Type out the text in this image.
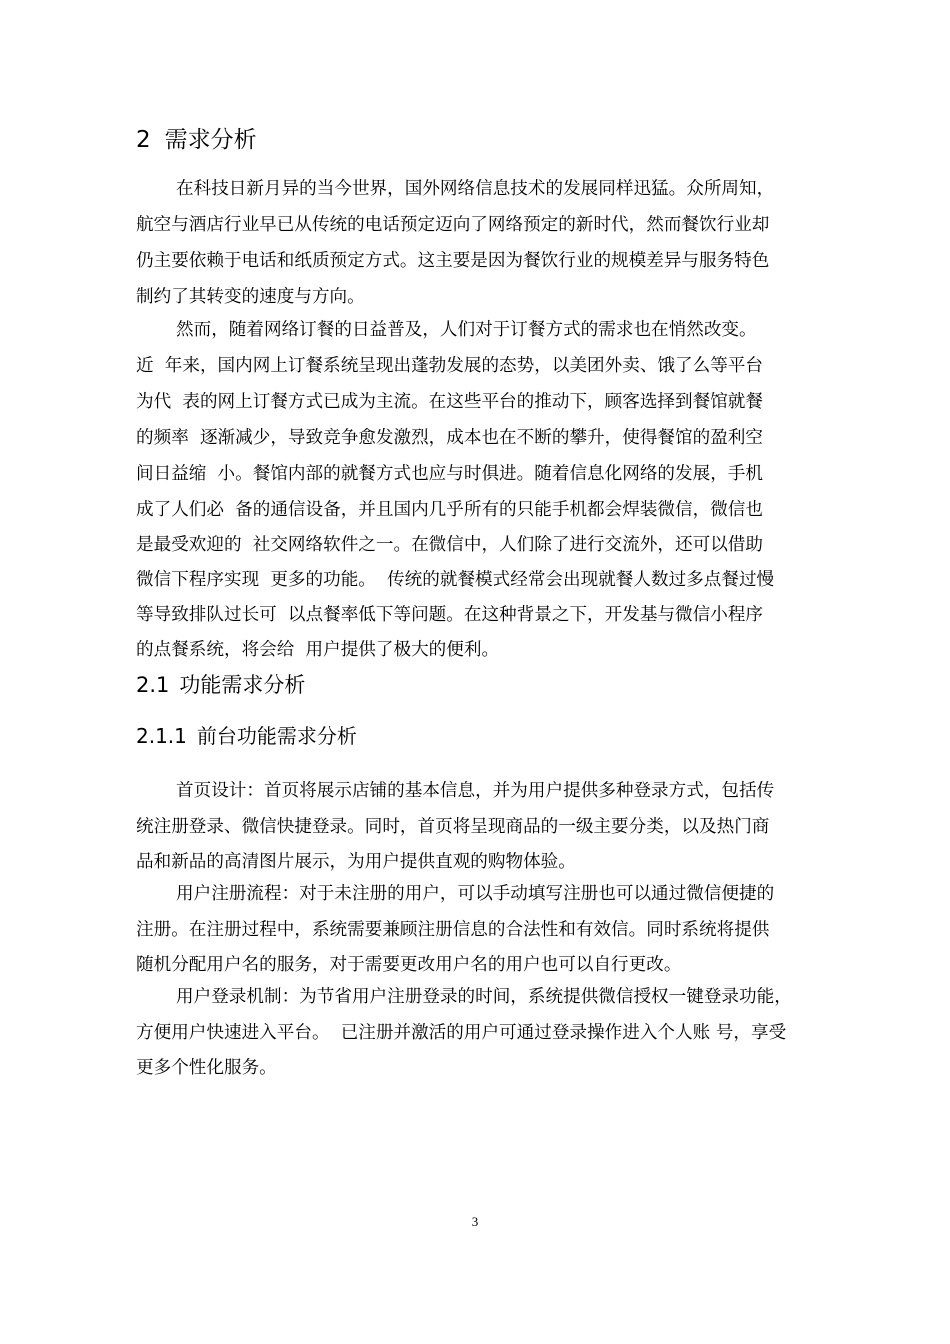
2 需求分析
在科技日新月异的当今世界，国外网络信息技术的发展同样迅猛。众所周知，
航空与酒店行业早已从传统的电话预定迈向了网络预定的新时代，然而餐饮行业却
仍主要依赖于电话和纸质预定方式。这主要是因为餐饮行业的规模差异与服务特色
制约了其转变的速度与方向。
然而，随着网络订餐的日益普及，人们对于订餐方式的需求也在悄然改变。
近  年来，国内网上订餐系统呈现出蓬勃发展的态势，以美团外卖、饿了么等平台
为代  表的网上订餐方式已成为主流。在这些平台的推动下，顾客选择到餐馆就餐
的频率  逐渐减少，导致竞争愈发激烈，成本也在不断的攀升，使得餐馆的盈利空
间日益缩  小。餐馆内部的就餐方式也应与时俱进。随着信息化网络的发展，手机
成了人们必  备的通信设备，并且国内几乎所有的只能手机都会焊装微信，微信也
是最受欢迎的  社交网络软件之一。在微信中，人们除了进行交流外，还可以借助
微信下程序实现  更多的功能。  传统的就餐模式经常会出现就餐人数过多点餐过慢
等导致排队过长可  以点餐率低下等问题。在这种背景之下，开发基与微信小程序
的点餐系统，将会给  用户提供了极大的便利。
2.1 功能需求分析
2.1.1 前台功能需求分析
首页设计：首页将展示店铺的基本信息，并为用户提供多种登录方式，包括传
统注册登录、微信快捷登录。同时，首页将呈现商品的一级主要分类，以及热门商
品和新品的高清图片展示，为用户提供直观的购物体验。
用户注册流程：对于未注册的用户，可以手动填写注册也可以通过微信便捷的
注册。在注册过程中，系统需要兼顾注册信息的合法性和有效信。同时系统将提供
随机分配用户名的服务，对于需要更改用户名的用户也可以自行更改。
用户登录机制：为节省用户注册登录的时间，系统提供微信授权一键登录功能，
方便用户快速进入平台。  已注册并激活的用户可通过登录操作进入个人账 号，享受
更多个性化服务。
3
